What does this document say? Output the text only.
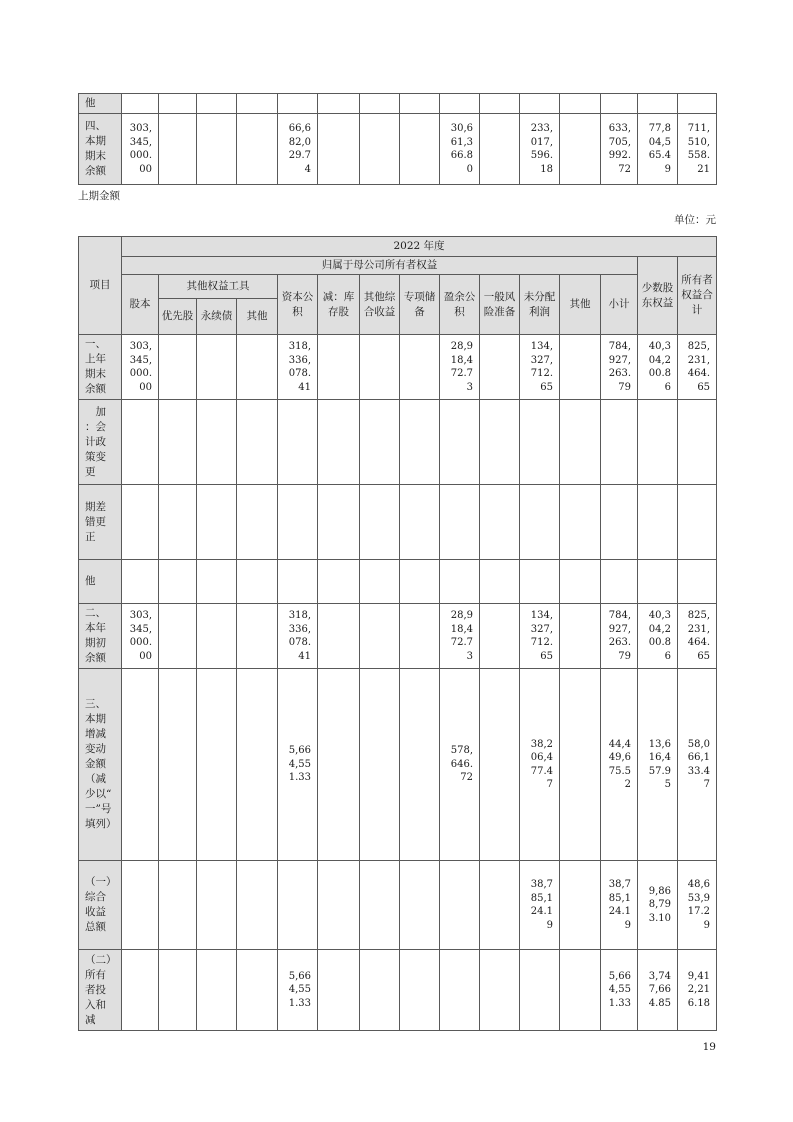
他															
四、本期期末余额	303,345,000.00				66,682,029.74				30,661,366.80		233,017,596.18		633,705,992.72	77,804,565.49	711,510,558.21

上期金额

单位：元

项目	2022 年度														
	归属于母公司所有者权益													少数股东权益	所有者权益合计
	股本	其他权益工具			资本公积	减：库存股	其他综合收益	专项储备	盈余公积	一般风险准备	未分配利润	其他	小计		
		优先股	永续债	其他											
一、上年期末余额	303,345,000.00				318,336,078.41				28,918,472.73		134,327,712.65		784,927,263.79	40,304,200.86	825,231,464.65
　加：会计政策变更															
期差错更正															
他															
二、本年期初余额	303,345,000.00				318,336,078.41				28,918,472.73		134,327,712.65		784,927,263.79	40,304,200.86	825,231,464.65
三、本期增减变动金额（减少以“一”号填列）					5,664,551.33				578,646.72		38,206,477.47		44,449,675.52	13,616,457.95	58,066,133.47
（一）综合收益总额											38,785,124.19		38,785,124.19	9,868,793.10	48,653,917.29
（二）所有者投入和减					5,664,551.33								5,664,551.33	3,747,664.85	9,412,216.18
19
